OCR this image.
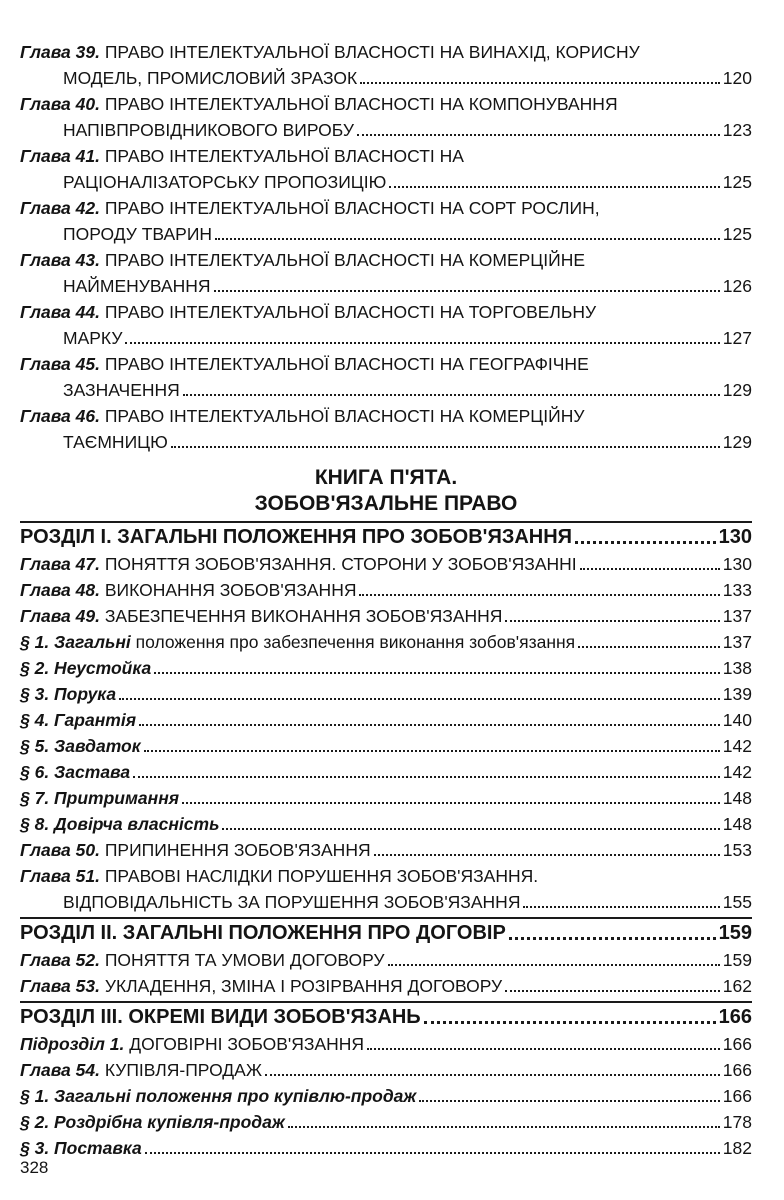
Глава 39. ПРАВО ІНТЕЛЕКТУАЛЬНОЇ ВЛАСНОСТІ НА ВИНАХІД, КОРИСНУ
МОДЕЛЬ, ПРОМИСЛОВИЙ ЗРАЗОК	120
Глава 40. ПРАВО ІНТЕЛЕКТУАЛЬНОЇ ВЛАСНОСТІ НА КОМПОНУВАННЯ
НАПІВПРОВІДНИКОВОГО ВИРОБУ	123
Глава 41. ПРАВО ІНТЕЛЕКТУАЛЬНОЇ ВЛАСНОСТІ НА
РАЦІОНАЛІЗАТОРСЬКУ ПРОПОЗИЦІЮ	125
Глава 42. ПРАВО ІНТЕЛЕКТУАЛЬНОЇ ВЛАСНОСТІ НА СОРТ РОСЛИН,
ПОРОДУ ТВАРИН	125
Глава 43. ПРАВО ІНТЕЛЕКТУАЛЬНОЇ ВЛАСНОСТІ НА КОМЕРЦІЙНЕ
НАЙМЕНУВАННЯ	126
Глава 44. ПРАВО ІНТЕЛЕКТУАЛЬНОЇ ВЛАСНОСТІ НА ТОРГОВЕЛЬНУ
МАРКУ	127
Глава 45. ПРАВО ІНТЕЛЕКТУАЛЬНОЇ ВЛАСНОСТІ НА ГЕОГРАФІЧНЕ
ЗАЗНАЧЕННЯ	129
Глава 46. ПРАВО ІНТЕЛЕКТУАЛЬНОЇ ВЛАСНОСТІ НА КОМЕРЦІЙНУ
ТАЄМНИЦЮ	129
КНИГА П'ЯТА.
ЗОБОВ'ЯЗАЛЬНЕ ПРАВО
РОЗДІЛ І. ЗАГАЛЬНІ ПОЛОЖЕННЯ ПРО ЗОБОВ'ЯЗАННЯ	130
Глава 47. ПОНЯТТЯ ЗОБОВ'ЯЗАННЯ. СТОРОНИ У ЗОБОВ'ЯЗАННІ	130
Глава 48. ВИКОНАННЯ ЗОБОВ'ЯЗАННЯ	133
Глава 49. ЗАБЕЗПЕЧЕННЯ ВИКОНАННЯ ЗОБОВ'ЯЗАННЯ	137
§ 1. Загальні положення про забезпечення виконання зобов'язання	137
§ 2. Неустойка	138
§ 3. Порука	139
§ 4. Гарантія	140
§ 5. Завдаток	142
§ 6. Застава	142
§ 7. Притримання	148
§ 8. Довірча власність	148
Глава 50. ПРИПИНЕННЯ ЗОБОВ'ЯЗАННЯ	153
Глава 51. ПРАВОВІ НАСЛІДКИ ПОРУШЕННЯ ЗОБОВ'ЯЗАННЯ.
ВІДПОВІДАЛЬНІСТЬ ЗА ПОРУШЕННЯ ЗОБОВ'ЯЗАННЯ	155
РОЗДІЛ ІІ. ЗАГАЛЬНІ ПОЛОЖЕННЯ ПРО ДОГОВІР	159
Глава 52. ПОНЯТТЯ ТА УМОВИ ДОГОВОРУ	159
Глава 53. УКЛАДЕННЯ, ЗМІНА І РОЗІРВАННЯ ДОГОВОРУ	162
РОЗДІЛ ІІІ. ОКРЕМІ ВИДИ ЗОБОВ'ЯЗАНЬ	166
Підрозділ 1. ДОГОВІРНІ ЗОБОВ'ЯЗАННЯ	166
Глава 54. КУПІВЛЯ-ПРОДАЖ	166
§ 1. Загальні положення про купівлю-продаж	166
§ 2. Роздрібна купівля-продаж	178
§ 3. Поставка	182
328
